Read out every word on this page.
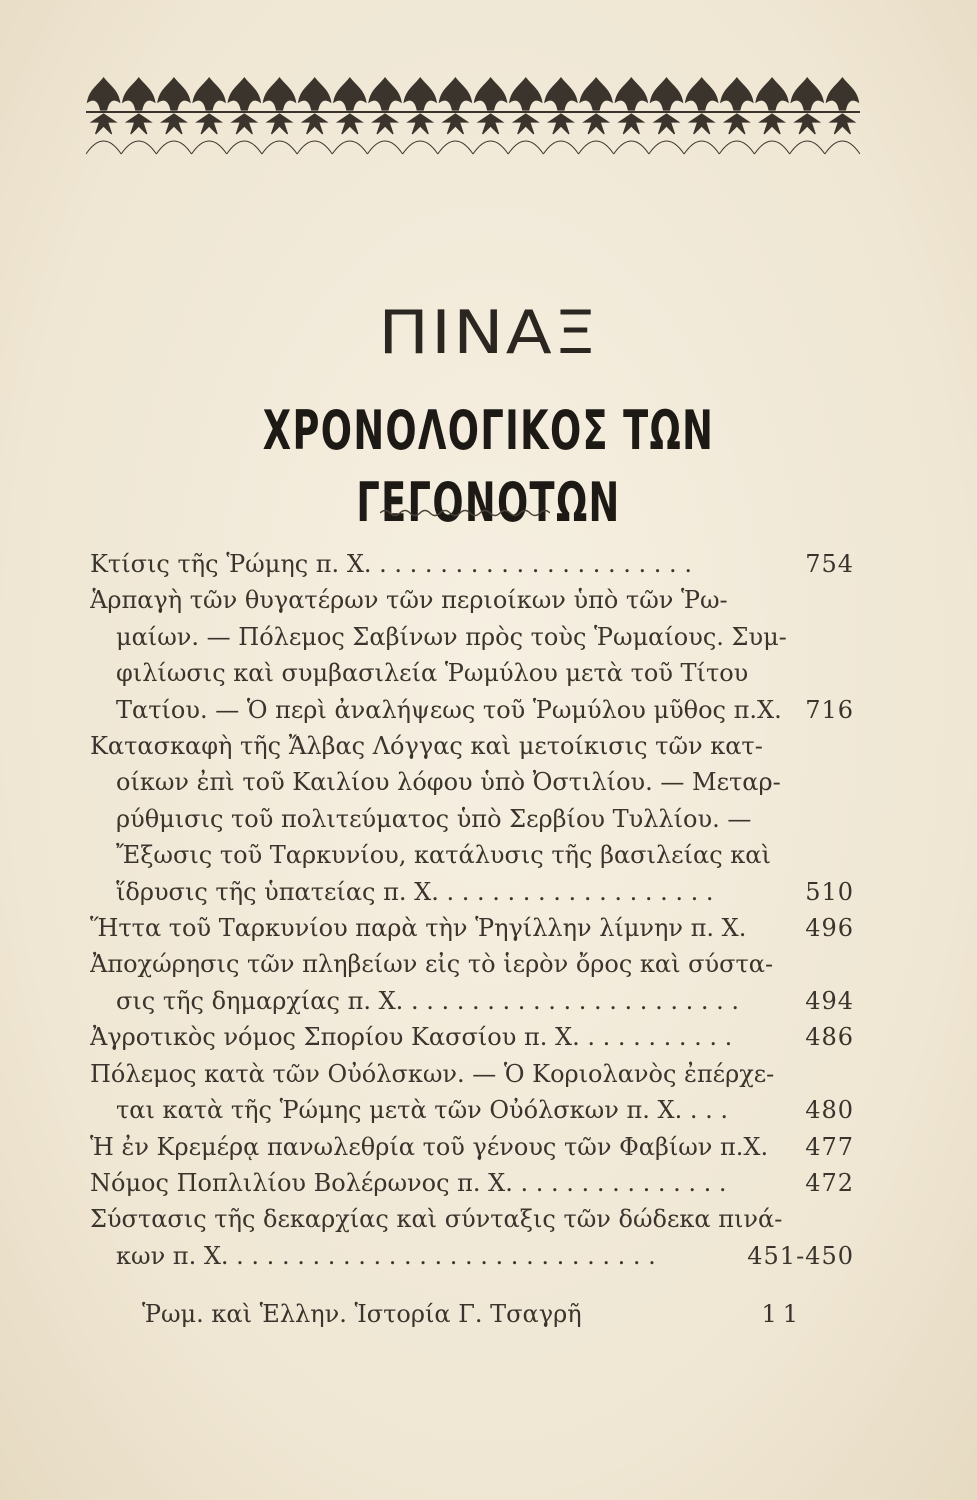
ΠΙΝΑΞ
ΧΡΟΝΟΛΟΓΙΚΟΣ ΤΩΝ ΓΕΓΟΝΟΤΩΝ
Κτίσις τῆς Ῥώμης π. Χ. . . . . . . . . . . . . . . . . . . . . .	754
Ἁρπαγὴ τῶν θυγατέρων τῶν περιοίκων ὑπὸ τῶν Ῥω-
μαίων. — Πόλεμος Σαβίνων πρὸς τοὺς Ῥωμαίους. Συμ-
φιλίωσις καὶ συμβασιλεία Ῥωμύλου μετὰ τοῦ Τίτου
Τατίου. — Ὁ περὶ ἀναλήψεως τοῦ Ῥωμύλου μῦθος π.Χ. 716
Κατασκαφὴ τῆς Ἄλβας Λόγγας καὶ μετοίκισις τῶν κατ-
οίκων ἐπὶ τοῦ Καιλίου λόφου ὑπὸ Ὀστιλίου. — Μεταρ-
ρύθμισις τοῦ πολιτεύματος ὑπὸ Σερβίου Τυλλίου. —
Ἔξωσις τοῦ Ταρκυνίου, κατάλυσις τῆς βασιλείας καὶ
ἵδρυσις τῆς ὑπατείας π. Χ. . . . . . . . . . . . . . . . . . .	510
Ἥττα τοῦ Ταρκυνίου παρὰ τὴν Ῥηγίλλην λίμνην π. Χ.	496
Ἀποχώρησις τῶν πληβείων εἰς τὸ ἱερὸν ὄρος καὶ σύστα-
σις τῆς δημαρχίας π. Χ. . . . . . . . . . . . . . . . . . . . . . .	494
Ἀγροτικὸς νόμος Σπορίου Κασσίου π. Χ. . . . . . . . . . .	486
Πόλεμος κατὰ τῶν Οὐόλσκων. — Ὁ Κοριολανὸς ἐπέρχε-
ται κατὰ τῆς Ῥώμης μετὰ τῶν Οὐόλσκων π. Χ. . . .	480
Ἡ ἐν Κρεμέρᾳ πανωλεθρία τοῦ γένους τῶν Φαβίων π.Χ.	477
Νόμος Ποπλιλίου Βολέρωνος π. Χ. . . . . . . . . . . . . . .	472
Σύστασις τῆς δεκαρχίας καὶ σύνταξις τῶν δώδεκα πινά-
κων π. Χ. . . . . . . . . . . . . . . . . . . . . . . . . . . . .	451-450
Ῥωμ. καὶ Ἑλλην. Ἱστορία Γ. Τσαγρῆ	11
